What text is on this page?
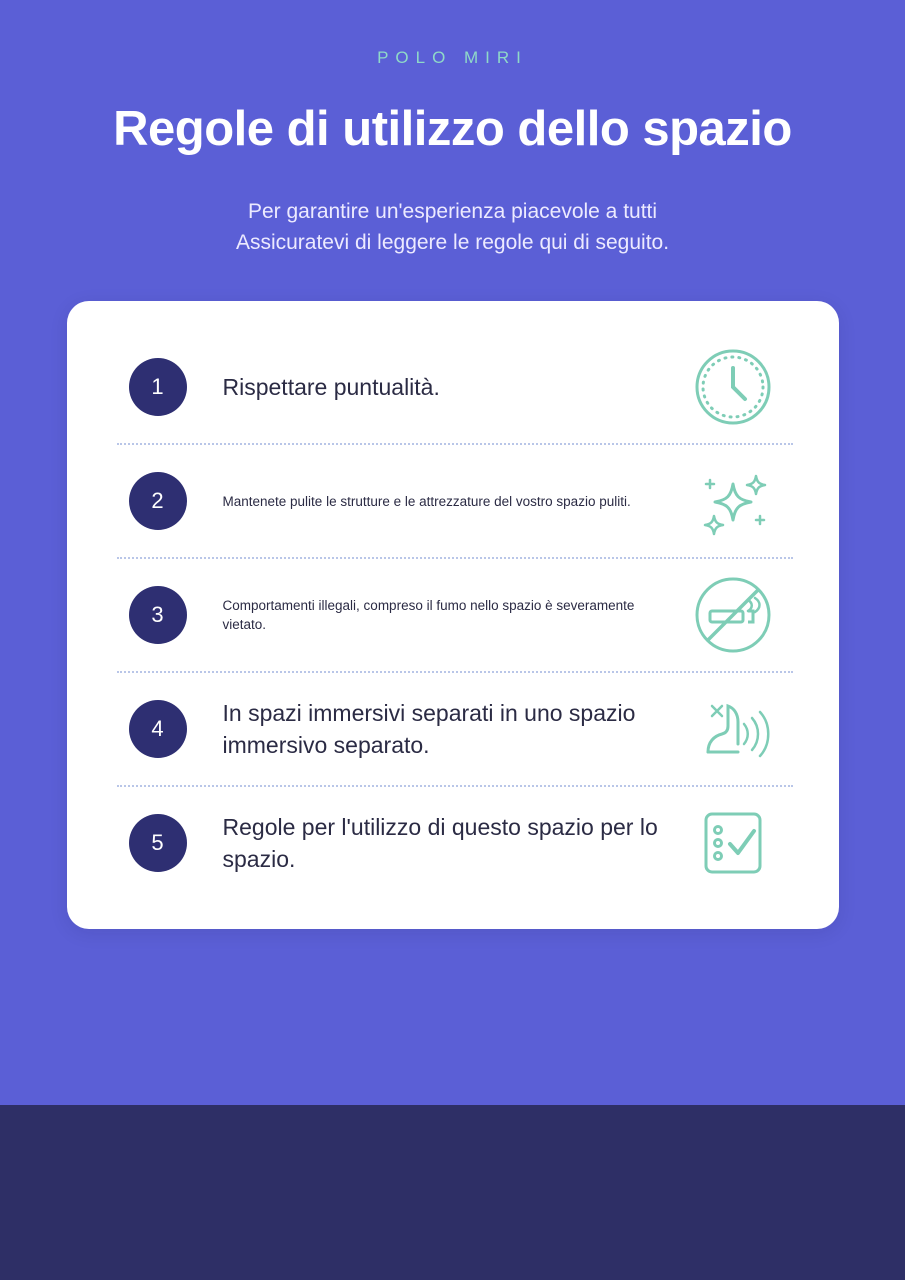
POLO MIRI
Regole di utilizzo dello spazio
Per garantire un'esperienza piacevole a tutti
Assicuratevi di leggere le regole qui di seguito.
1	Rispettare puntualità.
2	Mantenete pulite le strutture e le attrezzature del vostro spazio puliti.
3	Comportamenti illegali, compreso il fumo nello spazio è severamente vietato.
4
In spazi immersivi separati in uno spazio immersivo separato.
5
Regole per l'utilizzo di questo spazio per lo spazio.
